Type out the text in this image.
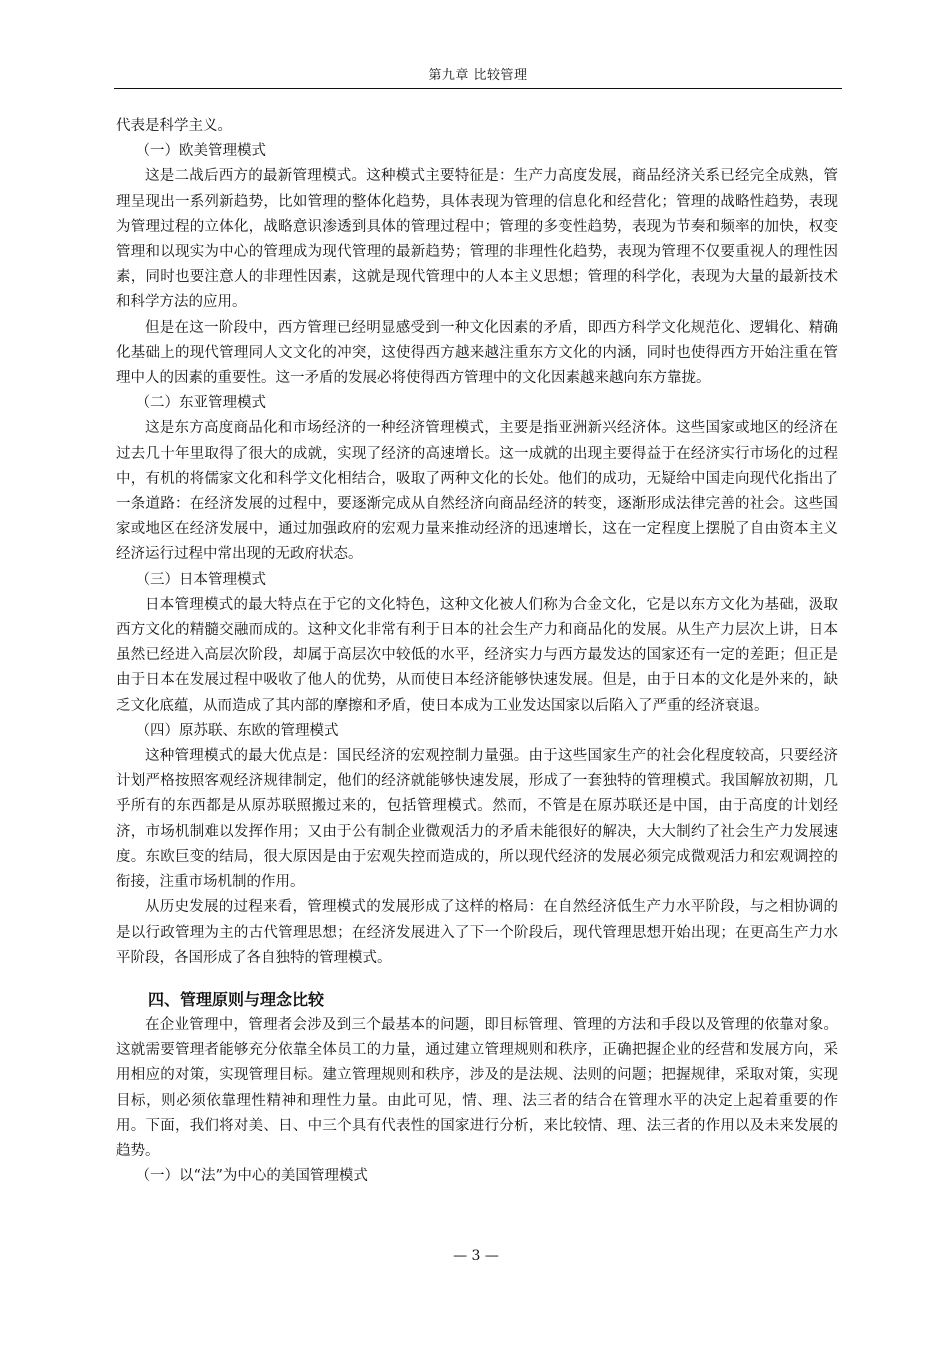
第九章 比较管理

代表是科学主义。

（一）欧美管理模式

这是二战后西方的最新管理模式。这种模式主要特征是：生产力高度发展，商品经济关系已经完全成熟，管理呈现出一系列新趋势，比如管理的整体化趋势，具体表现为管理的信息化和经营化；管理的战略性趋势，表现为管理过程的立体化，战略意识渗透到具体的管理过程中；管理的多变性趋势，表现为节奏和频率的加快，权变管理和以现实为中心的管理成为现代管理的最新趋势；管理的非理性化趋势，表现为管理不仅要重视人的理性因素，同时也要注意人的非理性因素，这就是现代管理中的人本主义思想；管理的科学化，表现为大量的最新技术和科学方法的应用。

但是在这一阶段中，西方管理已经明显感受到一种文化因素的矛盾，即西方科学文化规范化、逻辑化、精确化基础上的现代管理同人文文化的冲突，这使得西方越来越注重东方文化的内涵，同时也使得西方开始注重在管理中人的因素的重要性。这一矛盾的发展必将使得西方管理中的文化因素越来越向东方靠拢。

（二）东亚管理模式

这是东方高度商品化和市场经济的一种经济管理模式，主要是指亚洲新兴经济体。这些国家或地区的经济在过去几十年里取得了很大的成就，实现了经济的高速增长。这一成就的出现主要得益于在经济实行市场化的过程中，有机的将儒家文化和科学文化相结合，吸取了两种文化的长处。他们的成功，无疑给中国走向现代化指出了一条道路：在经济发展的过程中，要逐渐完成从自然经济向商品经济的转变，逐渐形成法律完善的社会。这些国家或地区在经济发展中，通过加强政府的宏观力量来推动经济的迅速增长，这在一定程度上摆脱了自由资本主义经济运行过程中常出现的无政府状态。

（三）日本管理模式

日本管理模式的最大特点在于它的文化特色，这种文化被人们称为合金文化，它是以东方文化为基础，汲取西方文化的精髓交融而成的。这种文化非常有利于日本的社会生产力和商品化的发展。从生产力层次上讲，日本虽然已经进入高层次阶段，却属于高层次中较低的水平，经济实力与西方最发达的国家还有一定的差距；但正是由于日本在发展过程中吸收了他人的优势，从而使日本经济能够快速发展。但是，由于日本的文化是外来的，缺乏文化底蕴，从而造成了其内部的摩擦和矛盾，使日本成为工业发达国家以后陷入了严重的经济衰退。

（四）原苏联、东欧的管理模式

这种管理模式的最大优点是：国民经济的宏观控制力量强。由于这些国家生产的社会化程度较高，只要经济计划严格按照客观经济规律制定，他们的经济就能够快速发展，形成了一套独特的管理模式。我国解放初期，几乎所有的东西都是从原苏联照搬过来的，包括管理模式。然而，不管是在原苏联还是中国，由于高度的计划经济，市场机制难以发挥作用；又由于公有制企业微观活力的矛盾未能很好的解决，大大制约了社会生产力发展速度。东欧巨变的结局，很大原因是由于宏观失控而造成的，所以现代经济的发展必须完成微观活力和宏观调控的衔接，注重市场机制的作用。

从历史发展的过程来看，管理模式的发展形成了这样的格局：在自然经济低生产力水平阶段，与之相协调的是以行政管理为主的古代管理思想；在经济发展进入了下一个阶段后，现代管理思想开始出现；在更高生产力水平阶段，各国形成了各自独特的管理模式。

四、管理原则与理念比较

在企业管理中，管理者会涉及到三个最基本的问题，即目标管理、管理的方法和手段以及管理的依靠对象。这就需要管理者能够充分依靠全体员工的力量，通过建立管理规则和秩序，正确把握企业的经营和发展方向，采用相应的对策，实现管理目标。建立管理规则和秩序，涉及的是法规、法则的问题；把握规律，采取对策，实现目标，则必须依靠理性精神和理性力量。由此可见，情、理、法三者的结合在管理水平的决定上起着重要的作用。下面，我们将对美、日、中三个具有代表性的国家进行分析，来比较情、理、法三者的作用以及未来发展的趋势。

（一）以“法”为中心的美国管理模式

— 3 —
